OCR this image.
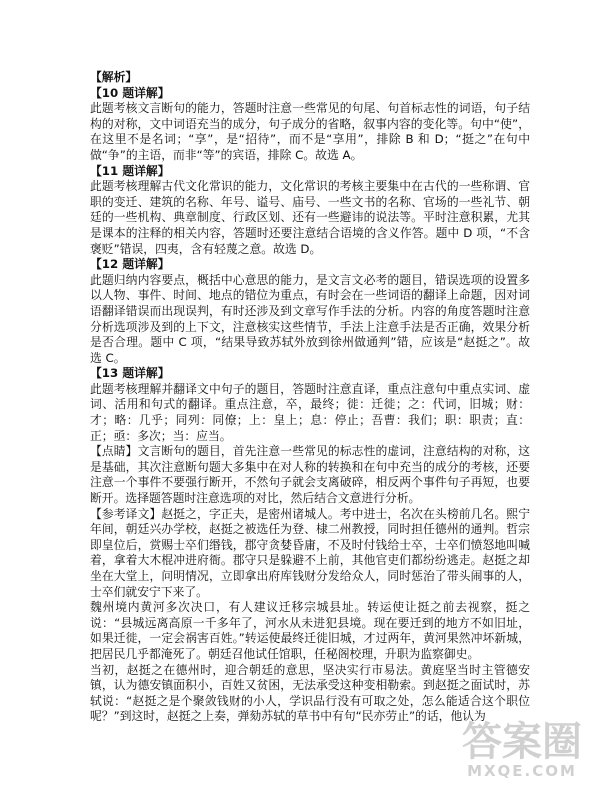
【解析】
【10 题详解】
此题考核文言断句的能力，答题时注意一些常见的句尾、句首标志性的词语，句子结构的对称，文中词语充当的成分，句子成分的省略，叙事内容的变化等。句中“使”，在这里不是名词；“享”，是“招待”，而不是“享用”，排除 B 和 D；“挺之”在句中做“争”的主语，而非“等”的宾语，排除 C。故选 A。
【11 题详解】
此题考核理解古代文化常识的能力，文化常识的考核主要集中在古代的一些称谓、官职的变迁、建筑的名称、年号、谥号、庙号、一些文书的名称、官场的一些礼节、朝廷的一些机构、典章制度、行政区划、还有一些避讳的说法等。平时注意积累，尤其是课本的注释的相关内容，答题时还要注意结合语境的含义作答。题中 D 项，“不含褒贬”错误，四夷，含有轻蔑之意。故选 D。
【12 题详解】
此题归纳内容要点，概括中心意思的能力，是文言文必考的题目，错误选项的设置多以人物、事件、时间、地点的错位为重点，有时会在一些词语的翻译上命题，因对词语翻译错误而出现误判，有时还涉及到文章写作手法的分析。内容的角度答题时注意分析选项涉及到的上下文，注意核实这些情节，手法上注意手法是否正确，效果分析是否合理。题中 C 项，“结果导致苏轼外放到徐州做通判”错，应该是“赵挺之”。故选 C。
【13 题详解】
此题考核理解并翻译文中句子的题目，答题时注意直译，重点注意句中重点实词、虚词、活用和句式的翻译。重点注意，卒，最终；徙：迁徙；之：代词，旧城；财：才；略：几乎；同列：同僚；上：皇上；息：停止；吾曹：我们；职：职责；直：正；亟：多次；当：应当。
【点睛】文言断句的题目，首先注意一些常见的标志性的虚词，注意结构的对称，这是基础，其次注意断句题大多集中在对人称的转换和在句中充当的成分的考核，还要注意一个事件不要强行断开，不然句子就会支离破碎，相反两个事件句子再短，也要断开。选择题答题时注意选项的对比，然后结合文意进行分析。
【参考译文】赵挺之，字正夫，是密州诸城人。考中进士，名次在头榜前几名。熙宁年间，朝廷兴办学校，赵挺之被选任为登、棣二州教授，同时担任德州的通判。哲宗即皇位后，赏赐士卒们缗钱，郡守贪婪昏庸，不及时付钱给士卒，士卒们愤怒地叫喊着，拿着大木棍冲进府衙。郡守只是躲避不上前，其他官吏们都纷纷逃走。赵挺之却坐在大堂上，问明情况，立即拿出府库钱财分发给众人，同时惩治了带头闹事的人，士卒们就安宁下来了。
魏州境内黄河多次决口，有人建议迁移宗城县址。转运使让挺之前去视察，挺之说：“县城远离高原一千多年了，河水从未进犯县境。现在要迁到的地方不如旧址，如果迁徙，一定会祸害百姓。”转运使最终迁徙旧城，才过两年，黄河果然冲坏新城，把居民几乎都淹死了。朝廷召他试任馆职，任秘阁校理，升职为监察御史。
当初，赵挺之在德州时，迎合朝廷的意思，坚决实行市易法。黄庭坚当时主管德安镇，认为德安镇面积小，百姓又贫困，无法承受这种变相勒索。到赵挺之面试时，苏轼说：“赵挺之是个聚敛钱财的小人，学识品行没有可取之处，怎么能适合这个职位呢？”到这时，赵挺之上奏，弹劾苏轼的草书中有句“民亦劳止”的话，他认为
答案圈
MXQE.COM
